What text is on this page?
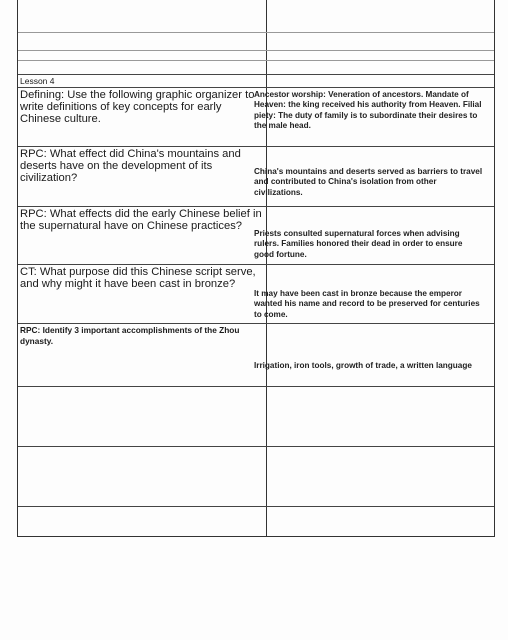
Lesson 4
Defining: Use the following graphic organizer to write definitions of key concepts for early Chinese culture.
Ancestor worship: Veneration of ancestors. Mandate of Heaven: the king received his authority from Heaven. Filial piety: The duty of family is to subordinate their desires to the male head.
RPC: What effect did China's mountains and deserts have on the development of its civilization?
China's mountains and deserts served as barriers to travel and contributed to China's isolation from other civilizations.
RPC: What effects did the early Chinese belief in the supernatural have on Chinese practices?
Priests consulted supernatural forces when advising rulers. Families honored their dead in order to ensure good fortune.
CT: What purpose did this Chinese script serve, and why might it have been cast in bronze?
It may have been cast in bronze because the emperor wanted his name and record to be preserved for centuries to come.
RPC: Identify 3 important accomplishments of the Zhou dynasty.
Irrigation, iron tools, growth of trade, a written language
